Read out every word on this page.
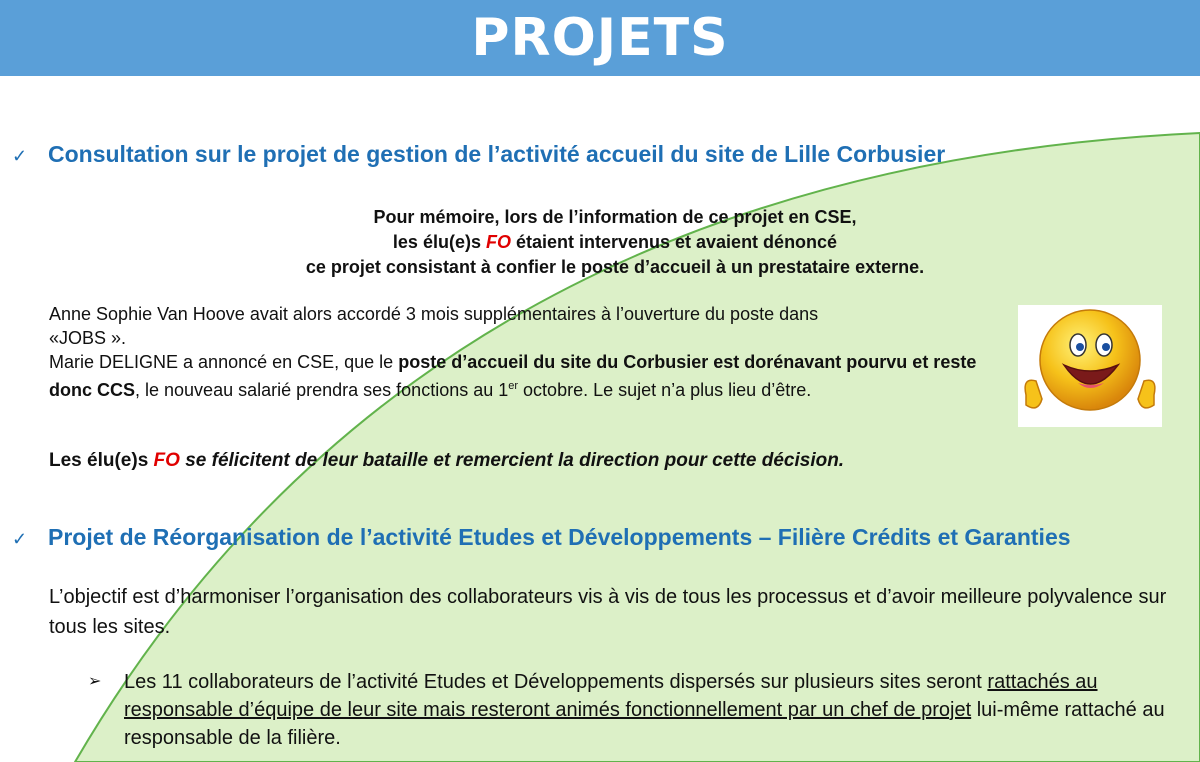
PROJETS
✓ Consultation sur le projet de gestion de l’activité accueil du site de Lille Corbusier
Pour mémoire, lors de l’information de ce projet en CSE,
les élu(e)s FO étaient intervenus et avaient dénoncé
ce projet consistant à confier le poste d’accueil à un prestataire externe.
Anne Sophie Van Hoove avait alors accordé 3 mois supplémentaires à l’ouverture du poste dans
«JOBS ».
Marie DELIGNE a annoncé en CSE, que le poste d’accueil du site du Corbusier est dorénavant pourvu et reste donc CCS, le nouveau salarié prendra ses fonctions au 1er octobre. Le sujet n’a plus lieu d’être.
Les élu(e)s FO se félicitent de leur bataille et remercient la direction pour cette décision.
✓ Projet de Réorganisation de l’activité Etudes et Développements – Filière Crédits et Garanties
L’objectif est d’harmoniser l’organisation des collaborateurs vis à vis de tous les processus et d’avoir meilleure polyvalence sur tous les sites.
➢ Les 11 collaborateurs de l’activité Etudes et Développements dispersés sur plusieurs sites seront rattachés au responsable d’équipe de leur site mais resteront animés fonctionnellement par un chef de projet lui-même rattaché au responsable de la filière.
